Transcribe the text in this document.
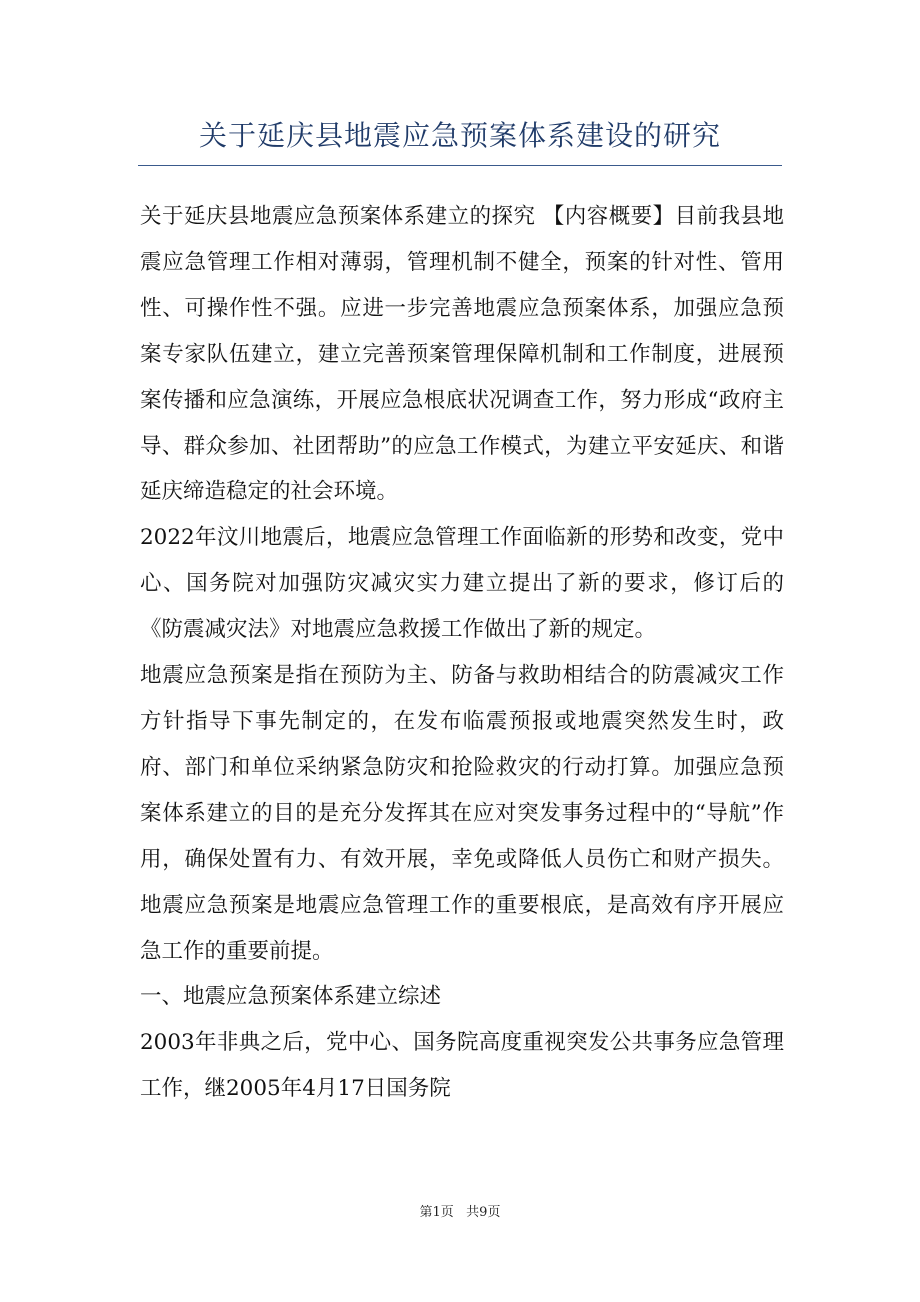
关于延庆县地震应急预案体系建设的研究

关于延庆县地震应急预案体系建立的探究 【内容概要】目前我县地震应急管理工作相对薄弱，管理机制不健全，预案的针对性、管用性、可操作性不强。应进一步完善地震应急预案体系，加强应急预案专家队伍建立，建立完善预案管理保障机制和工作制度，进展预案传播和应急演练，开展应急根底状况调查工作，努力形成“政府主导、群众参加、社团帮助”的应急工作模式，为建立平安延庆、和谐延庆缔造稳定的社会环境。

2022年汶川地震后，地震应急管理工作面临新的形势和改变，党中心、国务院对加强防灾减灾实力建立提出了新的要求，修订后的《防震减灾法》对地震应急救援工作做出了新的规定。

地震应急预案是指在预防为主、防备与救助相结合的防震减灾工作方针指导下事先制定的，在发布临震预报或地震突然发生时，政府、部门和单位采纳紧急防灾和抢险救灾的行动打算。加强应急预案体系建立的目的是充分发挥其在应对突发事务过程中的“导航”作用，确保处置有力、有效开展，幸免或降低人员伤亡和财产损失。地震应急预案是地震应急管理工作的重要根底，是高效有序开展应急工作的重要前提。

一、地震应急预案体系建立综述

2003年非典之后，党中心、国务院高度重视突发公共事务应急管理工作，继2005年4月17日国务院

第1页   共9页
